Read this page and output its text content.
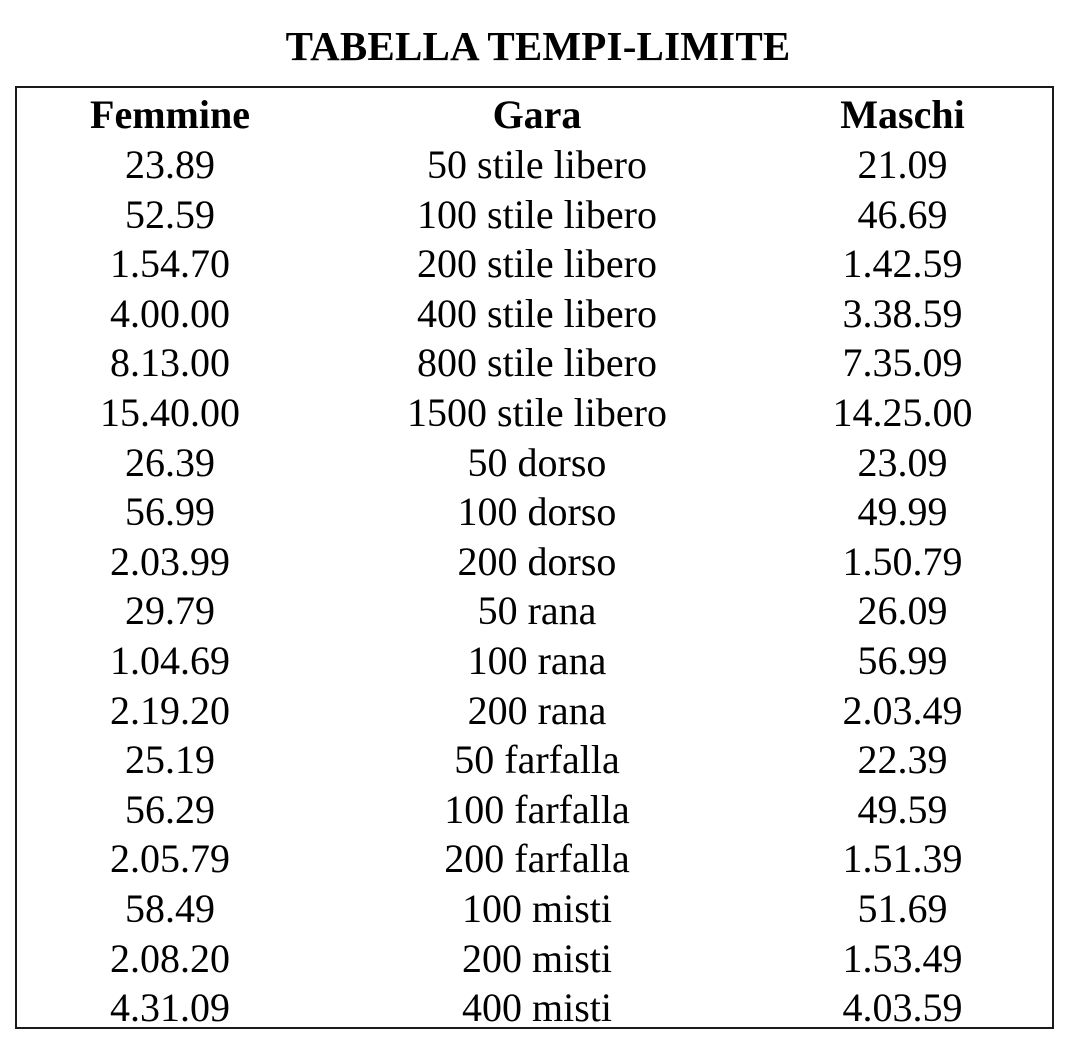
TABELLA TEMPI-LIMITE
Femmine	Gara	Maschi
23.89	50 stile libero	21.09
52.59	100 stile libero	46.69
1.54.70	200 stile libero	1.42.59
4.00.00	400 stile libero	3.38.59
8.13.00	800 stile libero	7.35.09
15.40.00	1500 stile libero	14.25.00
26.39	50 dorso	23.09
56.99	100 dorso	49.99
2.03.99	200 dorso	1.50.79
29.79	50 rana	26.09
1.04.69	100 rana	56.99
2.19.20	200 rana	2.03.49
25.19	50 farfalla	22.39
56.29	100 farfalla	49.59
2.05.79	200 farfalla	1.51.39
58.49	100 misti	51.69
2.08.20	200 misti	1.53.49
4.31.09	400 misti	4.03.59
